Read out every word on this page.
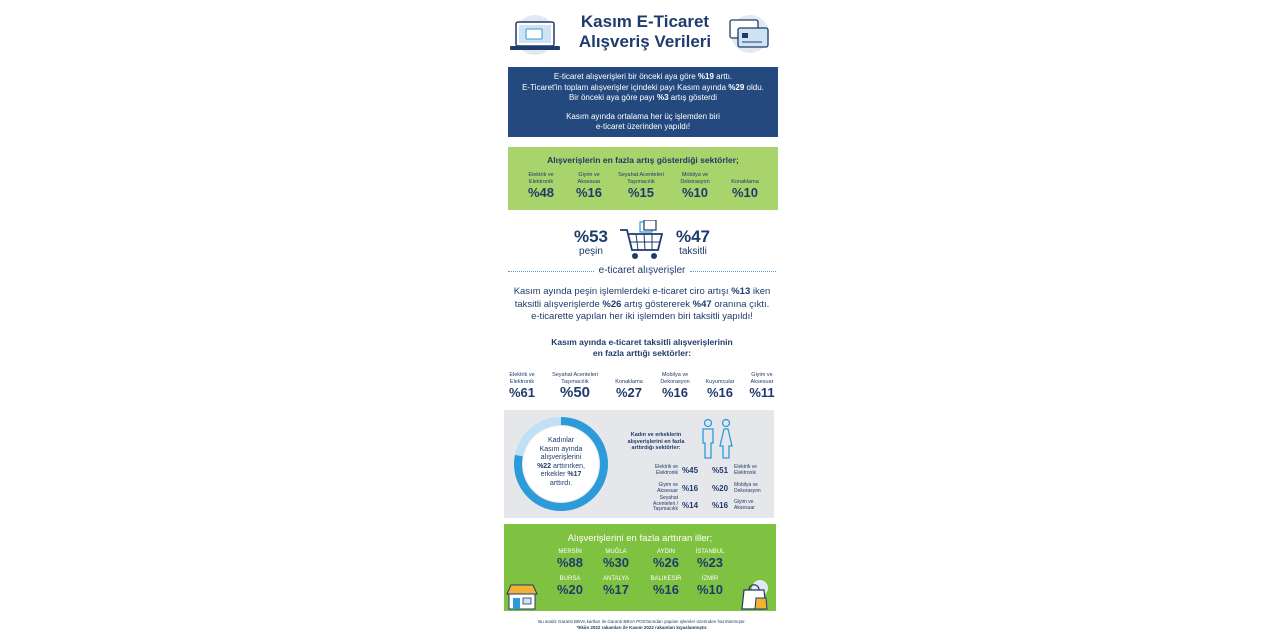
Kasım E-Ticaret
Alışveriş Verileri
E-ticaret alışverişleri bir önceki aya göre %19 arttı.
E-Ticaret'in toplam alışverişler içindeki payı Kasım ayında %29 oldu.
Bir önceki aya göre payı %3 artış gösterdi
Kasım ayında ortalama her üç işlemden biri
e-ticaret üzerinden yapıldı!
Alışverişlerin en fazla artış gösterdiği sektörler;
Elektrik ve
Elektronik
%48
Giyim ve
Aksesuar
%16
Seyahat Acenteleri
Taşımacılık
%15
Mobilya ve
Dekorasyon
%10
Konaklama
%10
%53
peşin
%47
taksitli
e-ticaret alışverişler
Kasım ayında peşin işlemlerdeki e-ticaret ciro artışı %13 iken
taksitli alışverişlerde %26 artış göstererek %47 oranına çıktı.
e-ticarette yapılan her iki işlemden biri taksitli yapıldı!
Kasım ayında e-ticaret taksitli alışverişlerinin
en fazla arttığı sektörler:
Elektrik ve
Elektronik
%61
Seyahat Acenteleri
Taşımacılık
%50
Konaklama
%27
Mobilya ve
Dekorasyon
%16
Kuyumcular
%16
Giyim ve
Aksesuar
%11
Kadınlar
Kasım ayında
alışverişlerini
%22 arttırırken,
erkekler %17
arttırdı.
Kadın ve erkeklerin
alışverişlerini en fazla
arttırdığı sektörler:
Elektrik ve
Elektronik %45
Giyim ve
Aksesuar %16
Seyahat
Acenteleri /
Taşımacılık %14
%51 Elektrik ve
Elektronik
%20 Mobilya ve
Dekorasyon
%16 Giyim ve
Aksesuar
Alışverişlerini en fazla arttıran iller;
MERSİN
%88
MUĞLA
%30
AYDIN
%26
İSTANBUL
%23
BURSA
%20
ANTALYA
%17
BALIKESİR
%16
İZMİR
%10
Bu analiz Garanti BBVA kartları ile Garanti BBVA POS'larından yapılan işlemler üzerinden hazırlanmıştır.
*Ekim 2022 rakamları ile Kasım 2022 rakamları kıyaslanmıştır.
